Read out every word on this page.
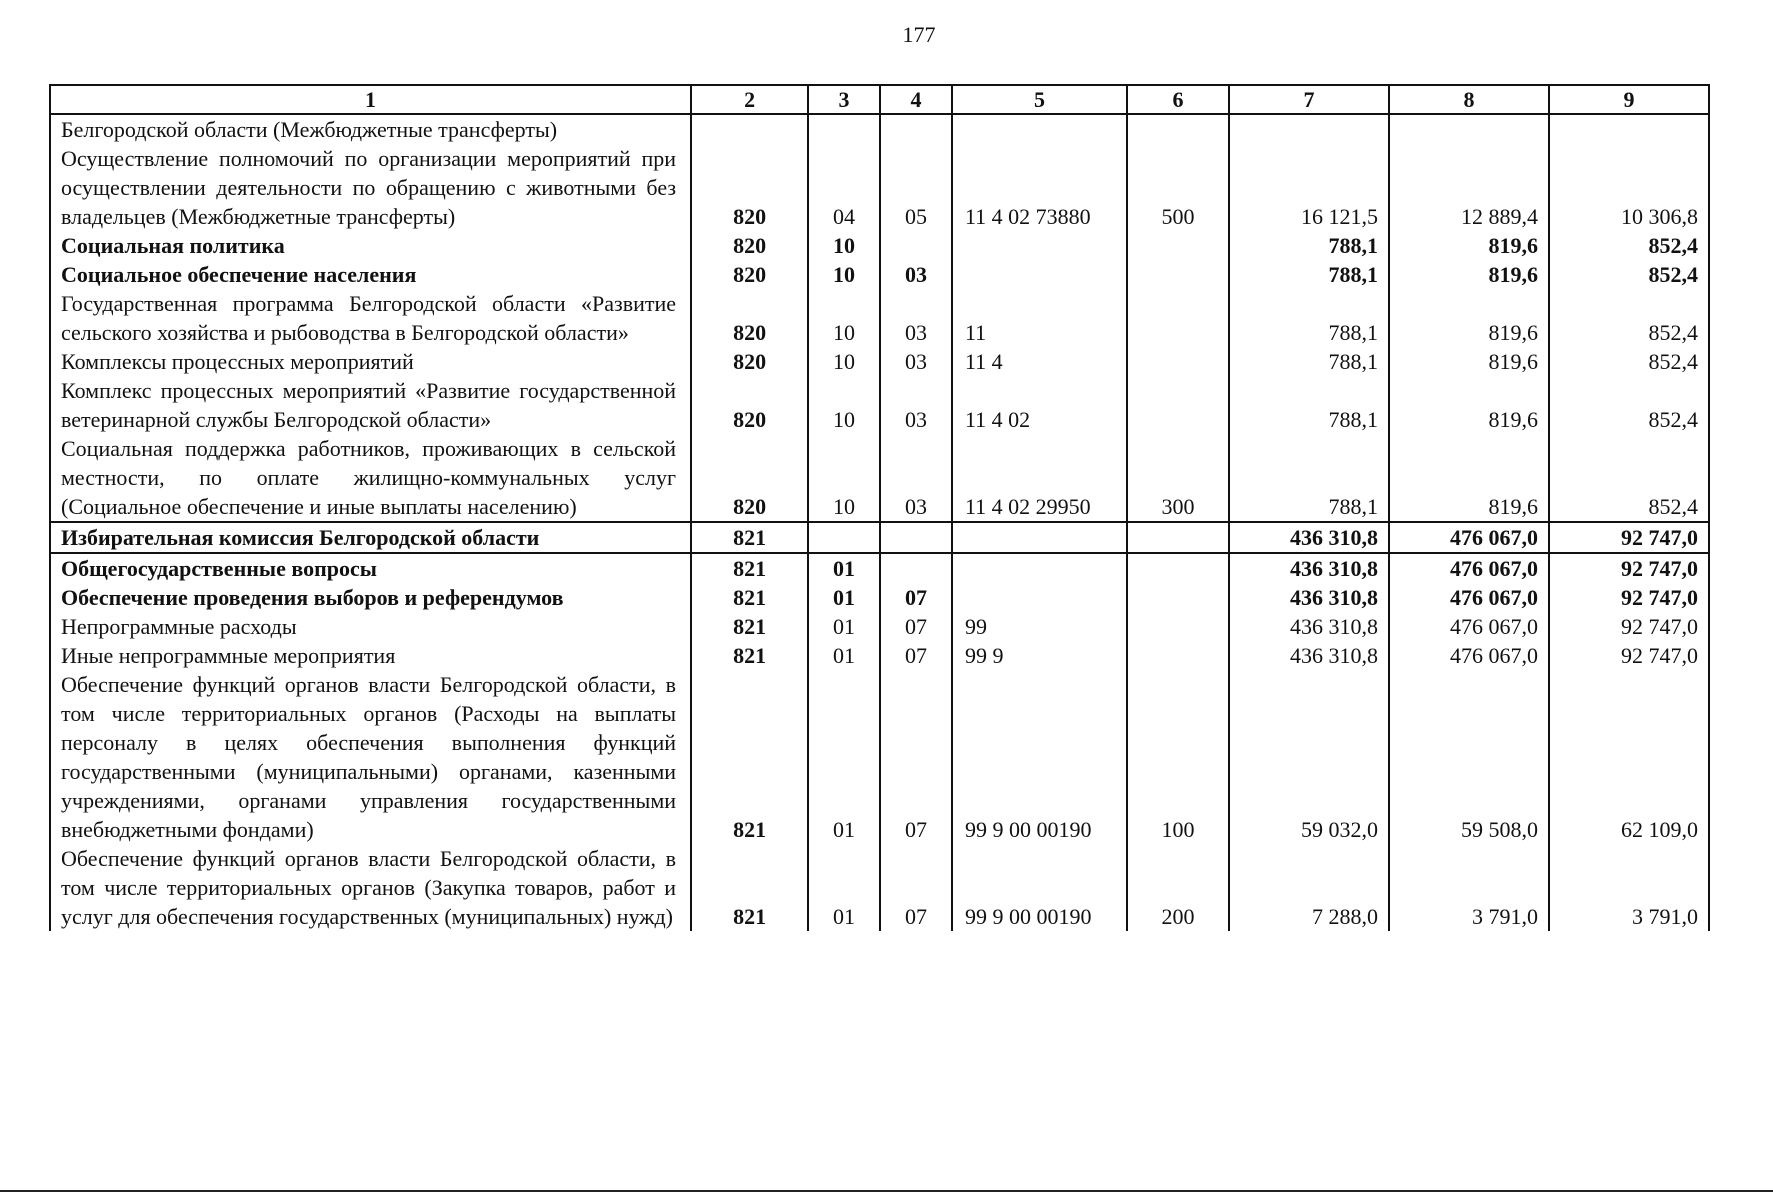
177
1	2	3	4	5	6	7	8	9
Белгородской области (Межбюджетные трансферты)								
Осуществление полномочий по организации мероприятий при осуществлении деятельности по обращению с животными без владельцев (Межбюджетные трансферты)	820	04	05	11 4 02 73880	500	16 121,5	12 889,4	10 306,8
Социальная политика	820	10				788,1	819,6	852,4
Социальное обеспечение населения	820	10	03			788,1	819,6	852,4
Государственная программа Белгородской области «Развитие сельского хозяйства и рыбоводства в Белгородской области»	820	10	03	11		788,1	819,6	852,4
Комплексы процессных мероприятий	820	10	03	11 4		788,1	819,6	852,4
Комплекс процессных мероприятий «Развитие государственной ветеринарной службы Белгородской области»	820	10	03	11 4 02		788,1	819,6	852,4
Социальная поддержка работников, проживающих в сельской местности, по оплате жилищно-коммунальных услуг (Социальное обеспечение и иные выплаты населению)	820	10	03	11 4 02 29950	300	788,1	819,6	852,4
Избирательная комиссия Белгородской области	821					436 310,8	476 067,0	92 747,0
Общегосударственные вопросы	821	01				436 310,8	476 067,0	92 747,0
Обеспечение проведения выборов и референдумов	821	01	07			436 310,8	476 067,0	92 747,0
Непрограммные расходы	821	01	07	99		436 310,8	476 067,0	92 747,0
Иные непрограммные мероприятия	821	01	07	99 9		436 310,8	476 067,0	92 747,0
Обеспечение функций органов власти Белгородской области, в том числе территориальных органов (Расходы на выплаты персоналу в целях обеспечения выполнения функций государственными (муниципальными) органами, казенными учреждениями, органами управления государственными внебюджетными фондами)	821	01	07	99 9 00 00190	100	59 032,0	59 508,0	62 109,0
Обеспечение функций органов власти Белгородской области, в том числе территориальных органов (Закупка товаров, работ и услуг для обеспечения государственных (муниципальных) нужд)	821	01	07	99 9 00 00190	200	7 288,0	3 791,0	3 791,0
